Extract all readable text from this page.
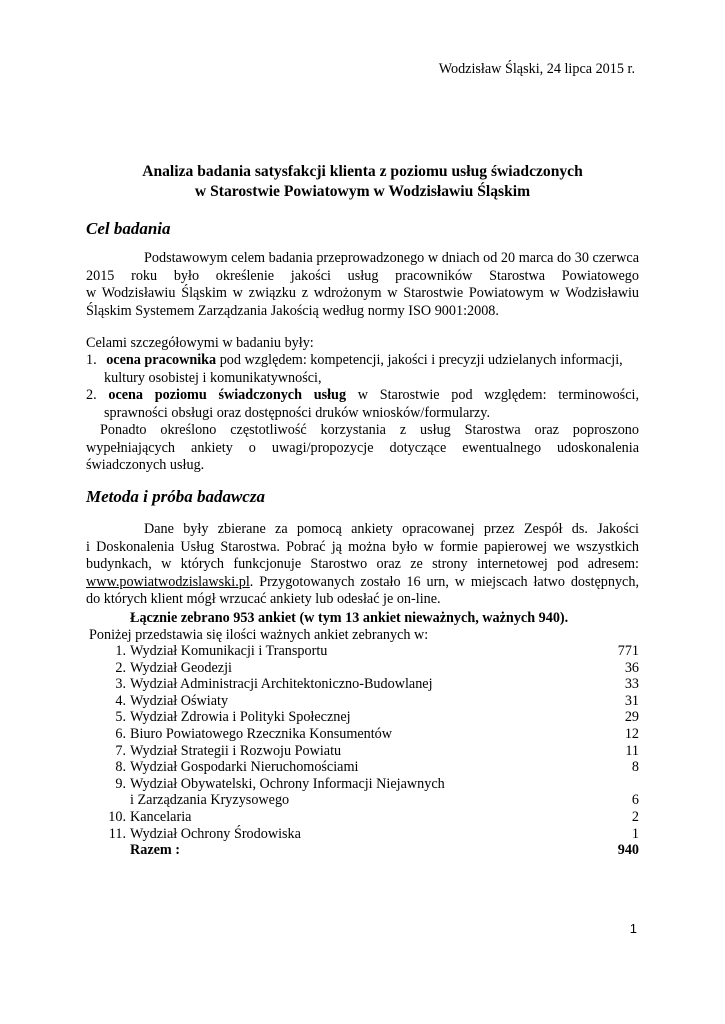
Wodzisław Śląski, 24 lipca 2015 r.
Analiza badania satysfakcji klienta z poziomu usług świadczonych
w Starostwie Powiatowym w Wodzisławiu Śląskim
Cel badania
Podstawowym celem badania przeprowadzonego w dniach od 20 marca do 30 czerwca
2015 roku było określenie jakości usług pracowników Starostwa Powiatowego
w Wodzisławiu Śląskim w związku z wdrożonym w Starostwie Powiatowym w Wodzisławiu
Śląskim Systemem Zarządzania Jakością według normy ISO 9001:2008.
Celami szczegółowymi w badaniu były:
1. ocena pracownika pod względem: kompetencji, jakości i precyzji udzielanych informacji,
kultury osobistej i komunikatywności,
2. ocena poziomu świadczonych usług w Starostwie pod względem: terminowości,
sprawności obsługi oraz dostępności druków wniosków/formularzy.
Ponadto określono częstotliwość korzystania z usług Starostwa oraz poproszono
wypełniających ankiety o uwagi/propozycje dotyczące ewentualnego udoskonalenia
świadczonych usług.
Metoda i próba badawcza
Dane były zbierane za pomocą ankiety opracowanej przez Zespół ds. Jakości
i Doskonalenia Usług Starostwa. Pobrać ją można było w formie papierowej we wszystkich
budynkach, w których funkcjonuje Starostwo oraz ze strony internetowej pod adresem:
www.powiatwodzislawski.pl. Przygotowanych zostało 16 urn, w miejscach łatwo dostępnych,
do których klient mógł wrzucać ankiety lub odesłać je on-line.
Łącznie zebrano 953 ankiet (w tym 13 ankiet nieważnych, ważnych 940).
Poniżej przedstawia się ilości ważnych ankiet zebranych w:
1. Wydział Komunikacji i Transportu	771
2. Wydział Geodezji	36
3. Wydział Administracji Architektoniczno-Budowlanej	33
4. Wydział Oświaty	31
5. Wydział Zdrowia i Polityki Społecznej	29
6. Biuro Powiatowego Rzecznika Konsumentów	12
7. Wydział Strategii i Rozwoju Powiatu	11
8. Wydział Gospodarki Nieruchomościami	8
9. Wydział Obywatelski, Ochrony Informacji Niejawnych
i Zarządzania Kryzysowego	6
10. Kancelaria	2
11. Wydział Ochrony Środowiska	1
Razem :	940
1
